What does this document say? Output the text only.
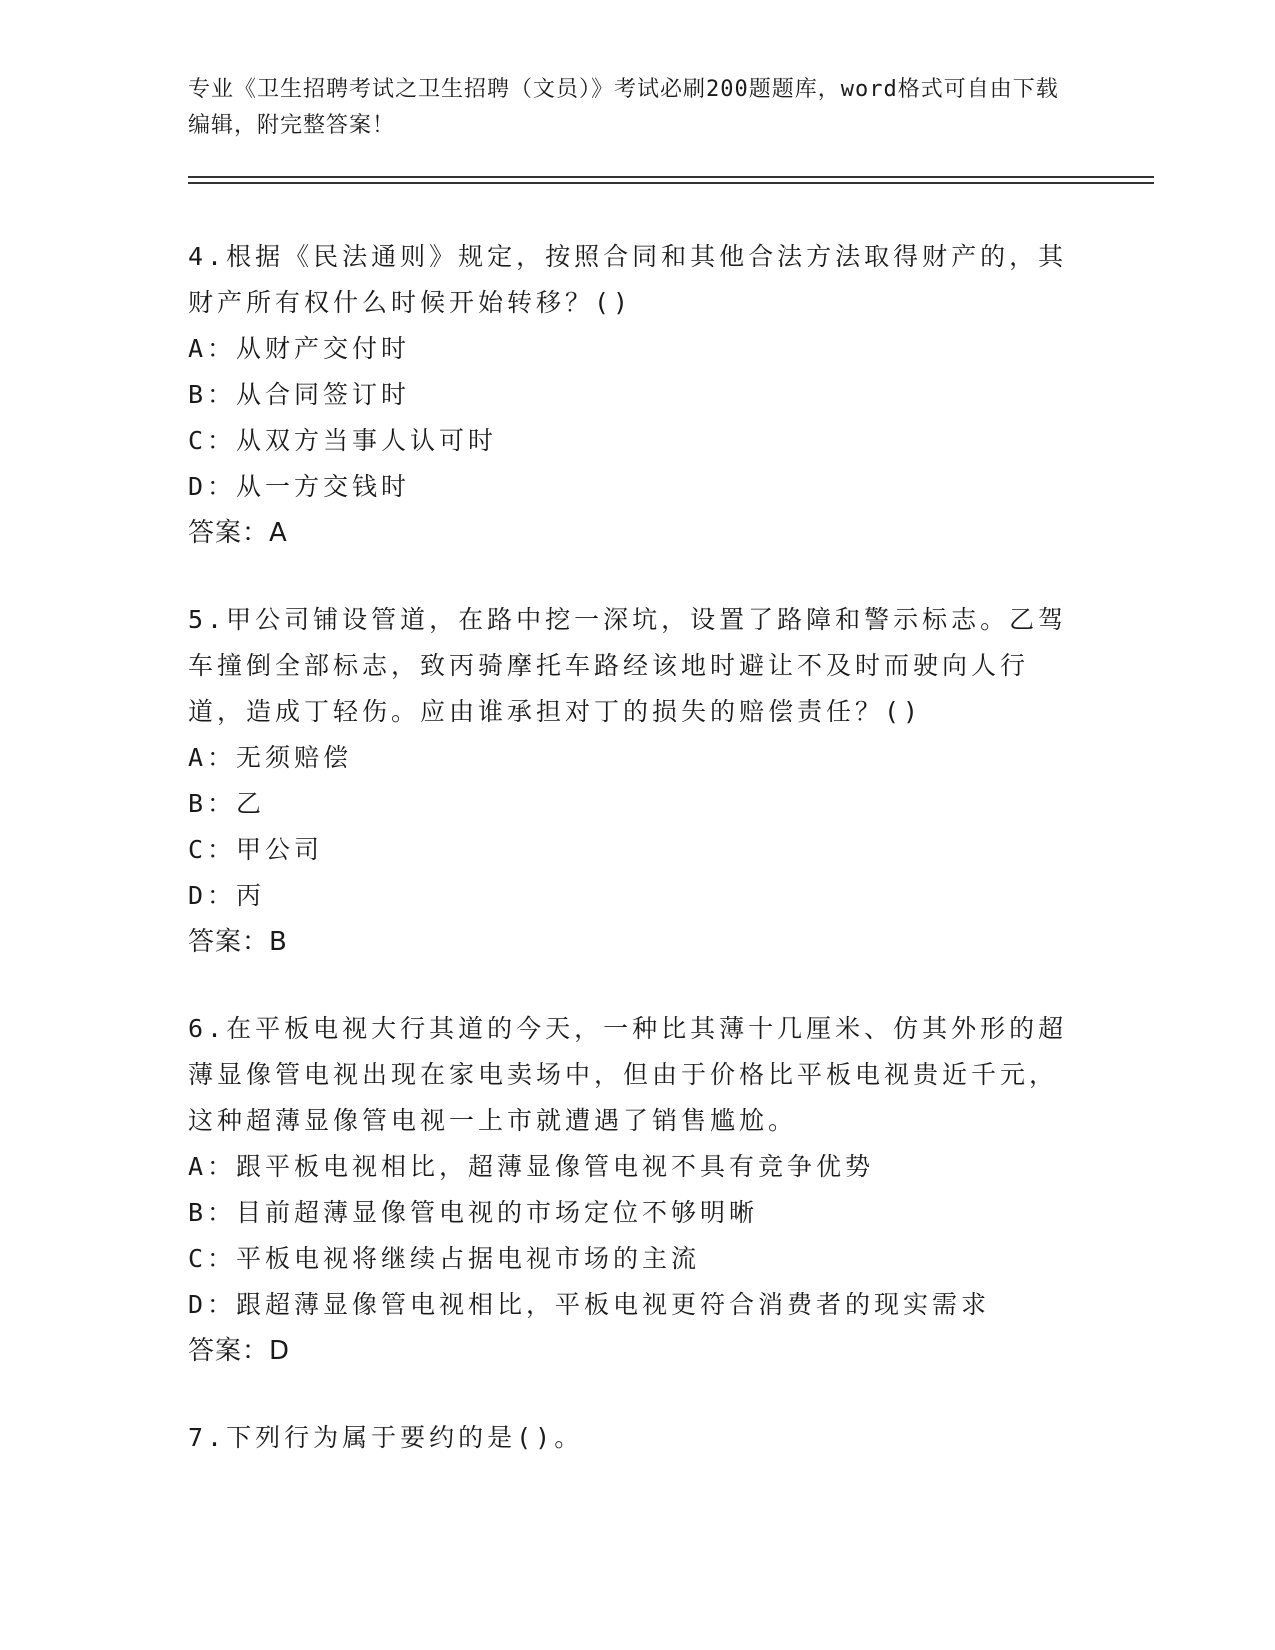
专业《卫生招聘考试之卫生招聘（文员）》考试必刷200题题库，word格式可自由下载编辑，附完整答案！
4.根据《民法通则》规定，按照合同和其他合法方法取得财产的，其财产所有权什么时候开始转移？()
A：从财产交付时
B：从合同签订时
C：从双方当事人认可时
D：从一方交钱时
答案：A
5.甲公司铺设管道，在路中挖一深坑，设置了路障和警示标志。乙驾车撞倒全部标志，致丙骑摩托车路经该地时避让不及时而驶向人行道，造成丁轻伤。应由谁承担对丁的损失的赔偿责任？()
A：无须赔偿
B：乙
C：甲公司
D：丙
答案：B
6.在平板电视大行其道的今天，一种比其薄十几厘米、仿其外形的超薄显像管电视出现在家电卖场中，但由于价格比平板电视贵近千元，这种超薄显像管电视一上市就遭遇了销售尴尬。
A：跟平板电视相比，超薄显像管电视不具有竞争优势
B：目前超薄显像管电视的市场定位不够明晰
C：平板电视将继续占据电视市场的主流
D：跟超薄显像管电视相比，平板电视更符合消费者的现实需求
答案：D
7.下列行为属于要约的是()。
